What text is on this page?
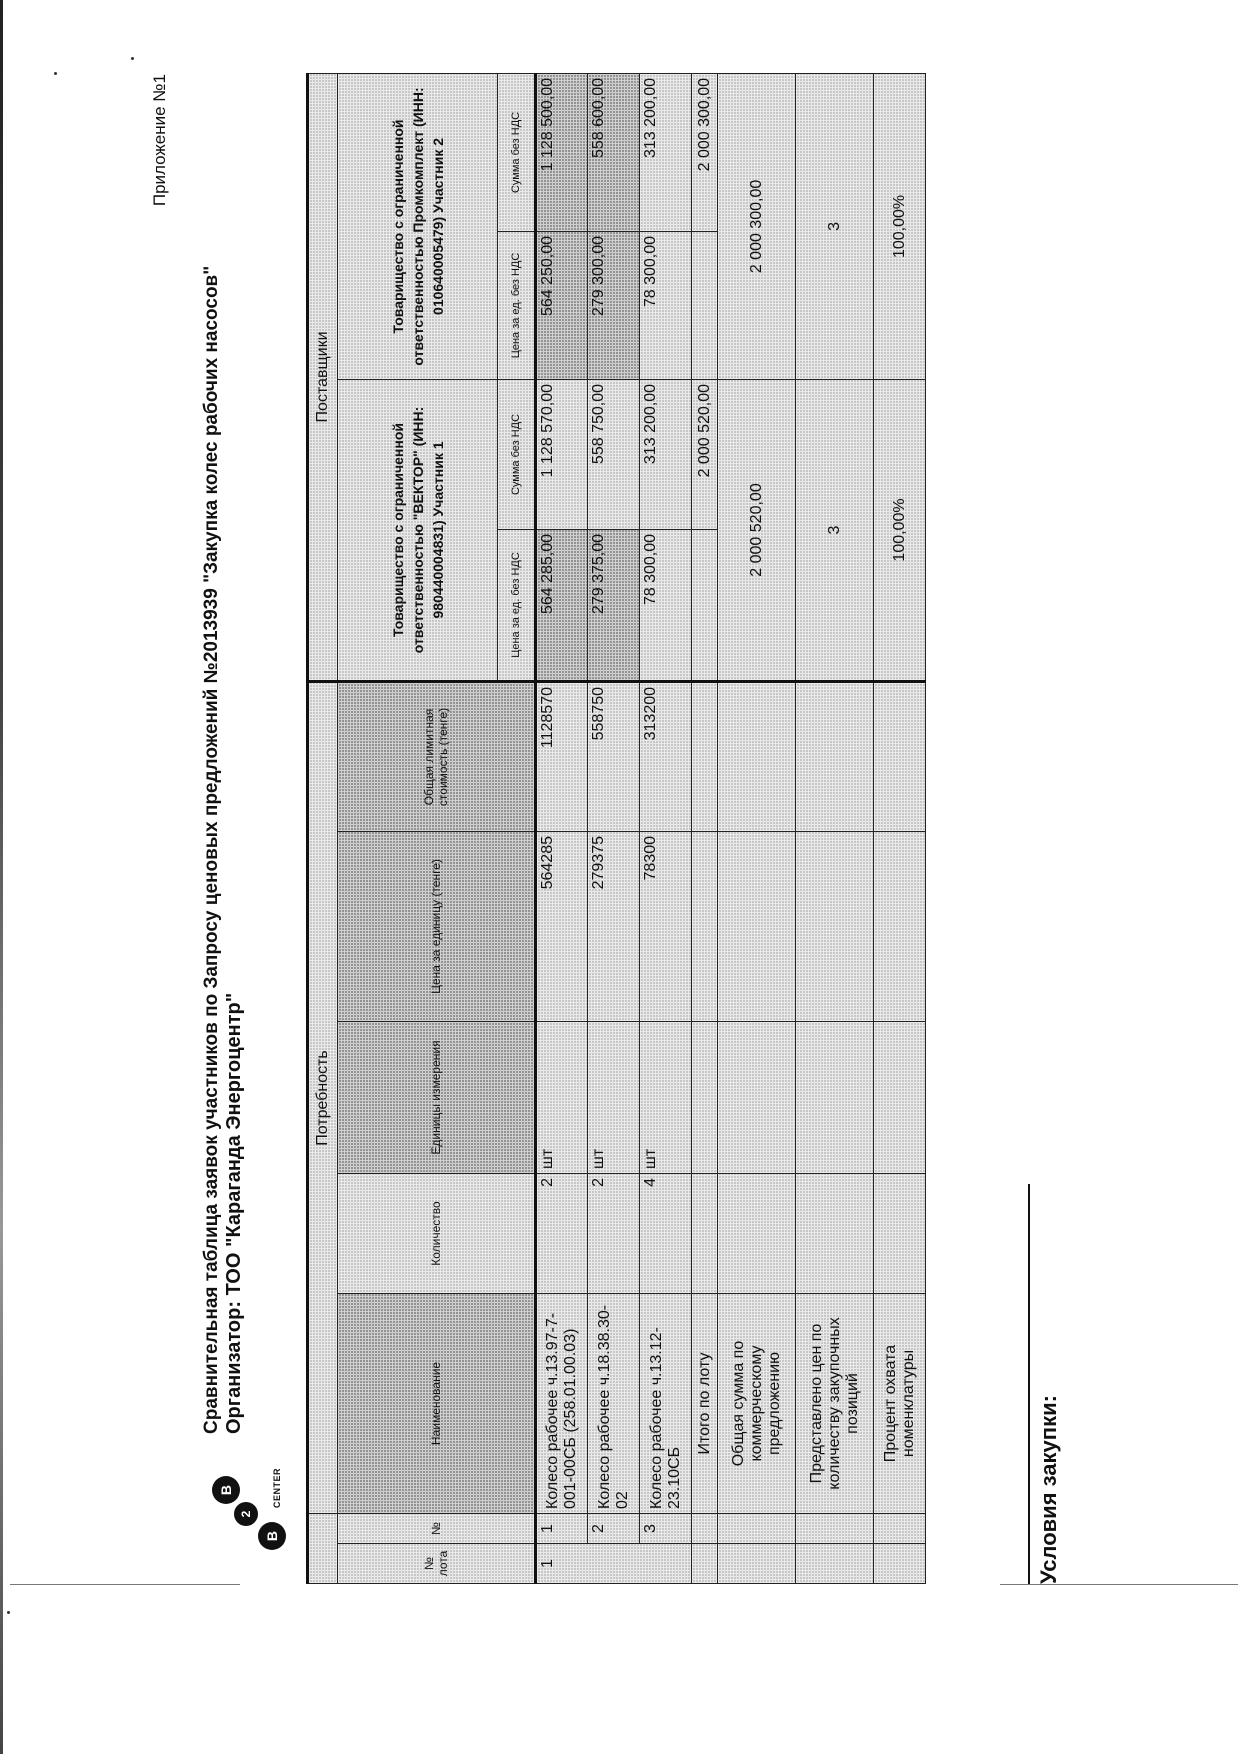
Приложение №1
B
2
B	CENTER
Сравнительная таблица заявок участников по Запросу ценовых предложений №2013939 "Закупка колес рабочих насосов" Организатор: ТОО "Караганда Энергоцентр"
		Потребность					Поставщики			
№ лота	№	Наименование	Количество	Единицы измерения	Цена за единицу (тенге)	Общая лимитная стоимость (тенге)	Товарищество с ограниченной ответственностью "ВЕКТОР" (ИНН: 980440004831) Участник 1		Товарищество с ограниченной ответственностью Промкомплект (ИНН: 010640005479) Участник 2	
							Цена за ед. без НДС	Сумма без НДС	Цена за ед. без НДС	Сумма без НДС
1	1	Колесо рабочее ч.13.97-7-001-00СБ (258.01.00.03)	2	шт	564285	1128570	564 285,00	1 128 570,00	564 250,00	1 128 500,00
	2	Колесо рабочее ч.18.38.30-02	2	шт	279375	558750	279 375,00	558 750,00	279 300,00	558 600,00
	3	Колесо рабочее ч.13.12-23.10СБ	4	шт	78300	313200	78 300,00	313 200,00	78 300,00	313 200,00
		Итого по лоту						2 000 520,00		2 000 300,00
		Общая сумма по коммерческому предложению					2 000 520,00		2 000 300,00	
		Представлено цен по количеству закупочных позиций					3		3	
		Процент охвата номенклатуры					100,00%		100,00%	
Условия закупки:
